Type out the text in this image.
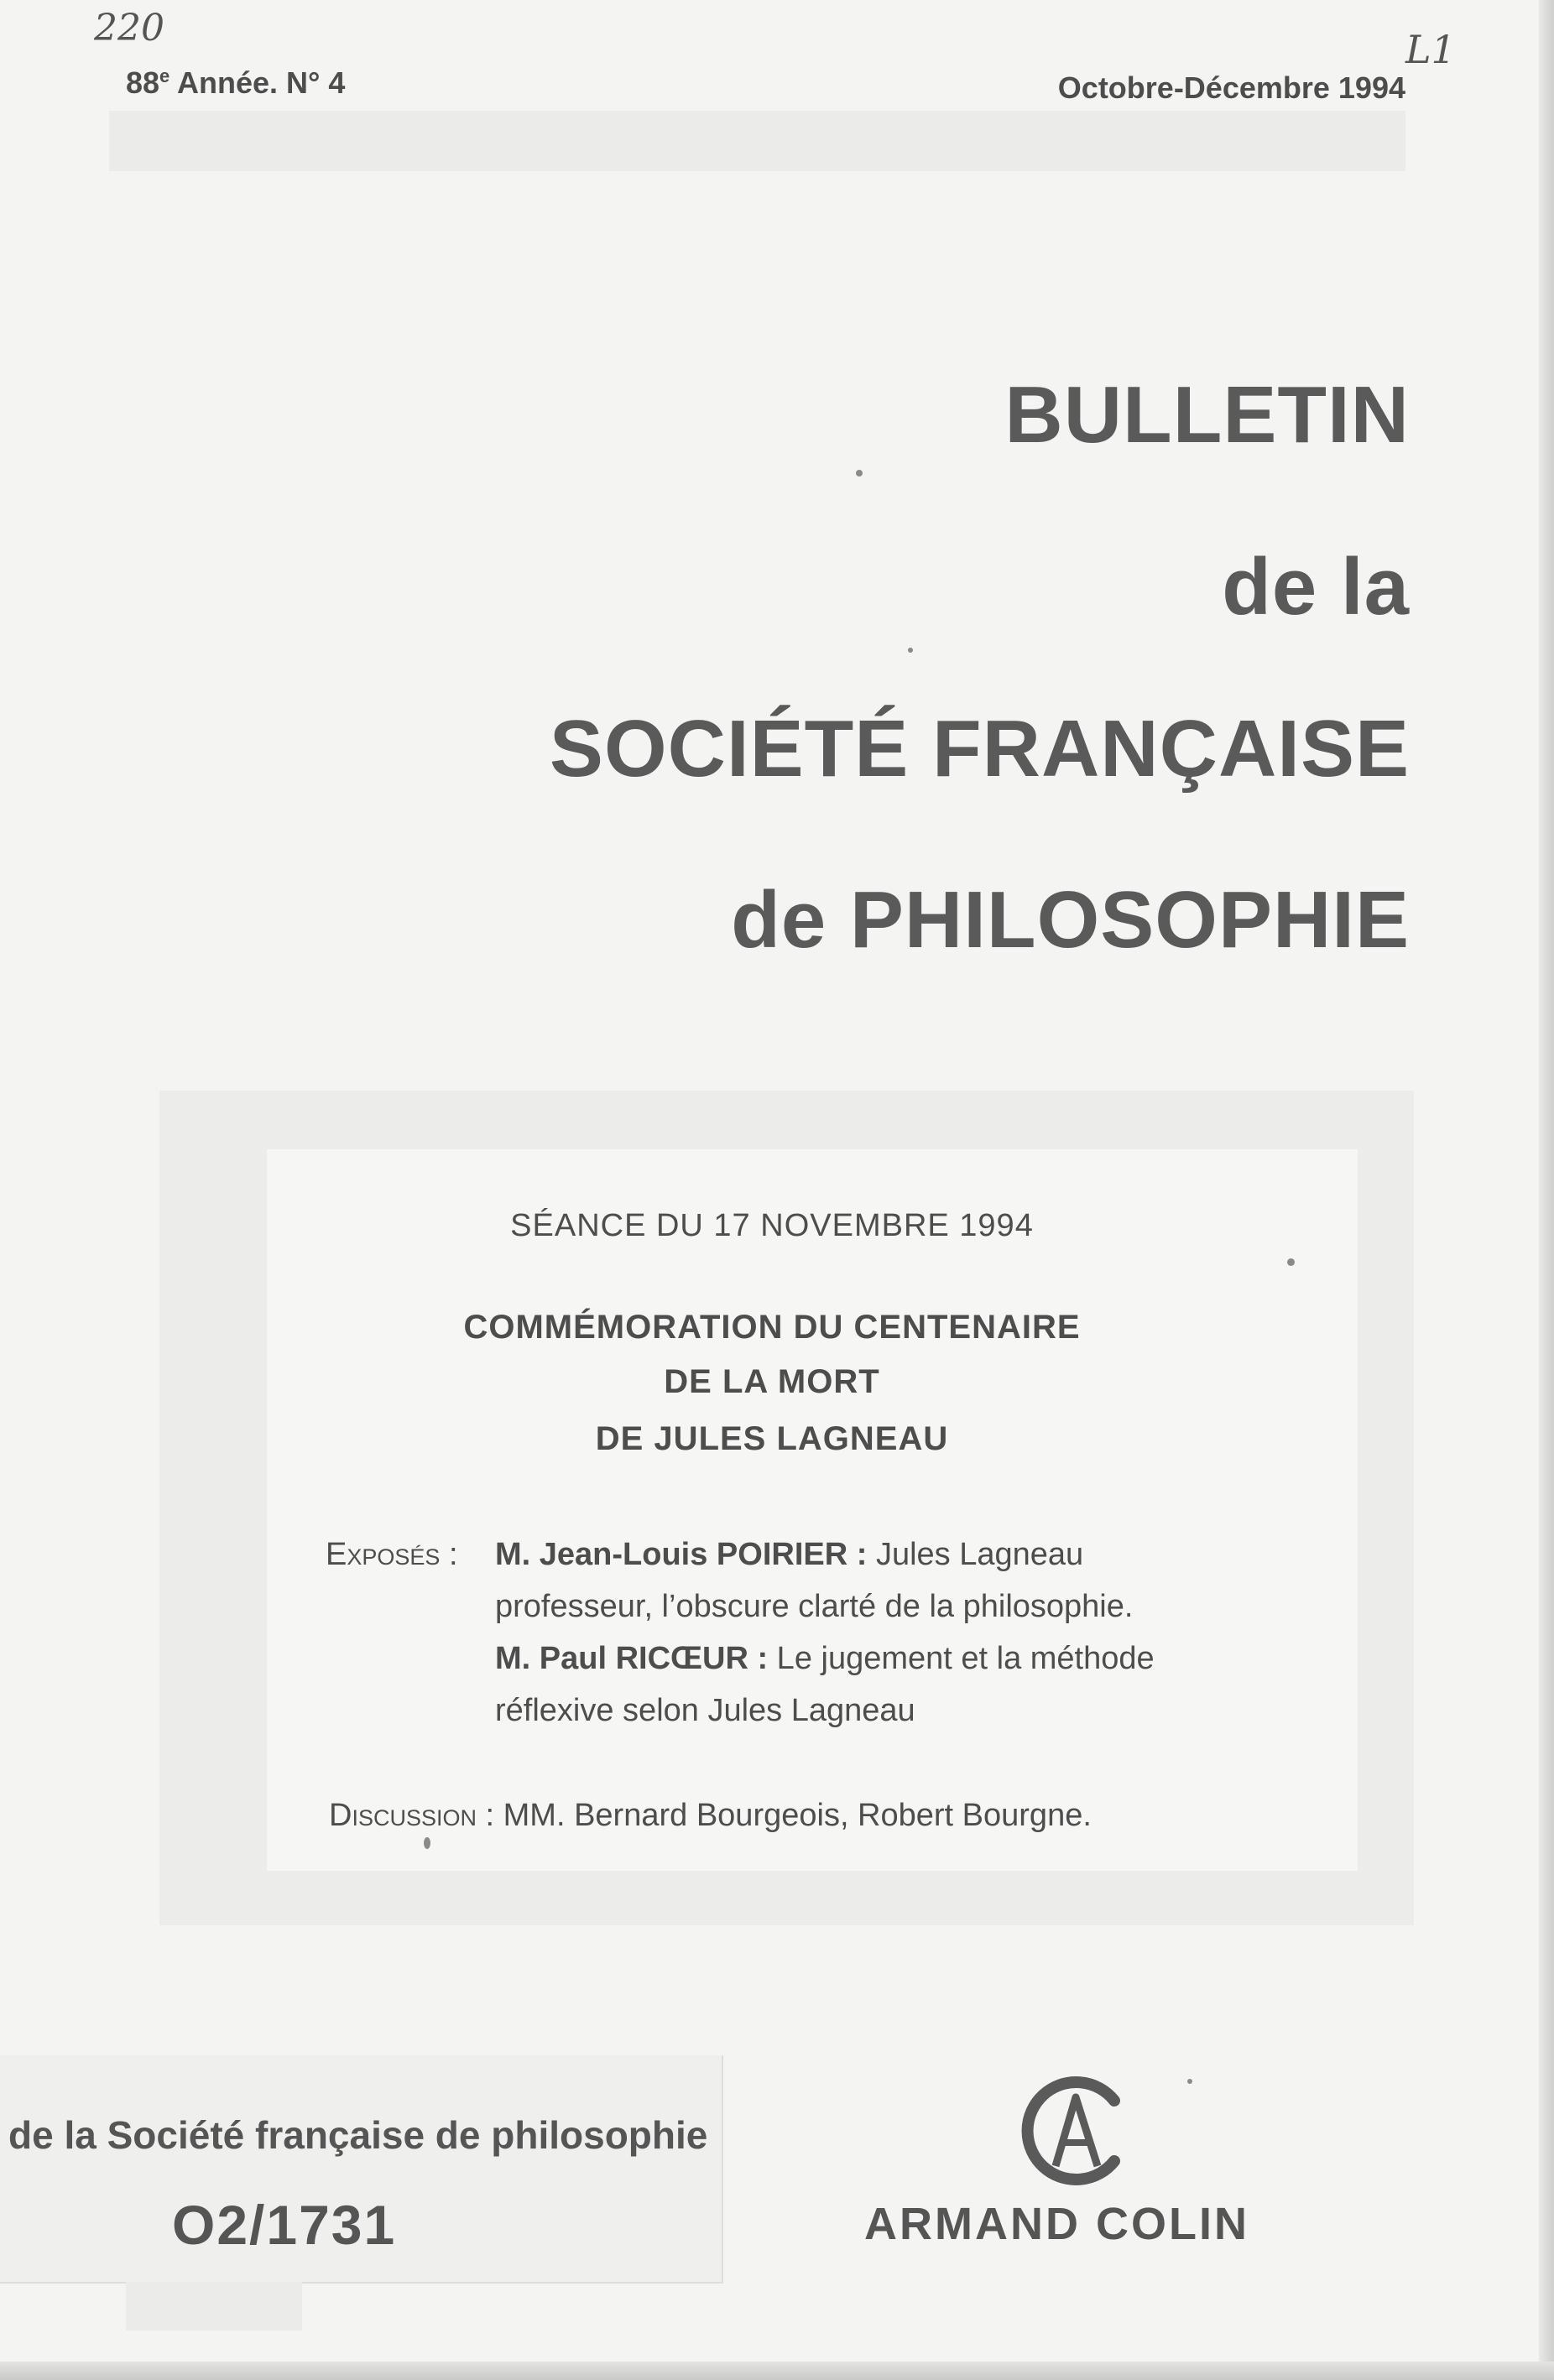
220	L1
88e Année. N° 4	Octobre-Décembre 1994
BULLETIN
de la
SOCIÉTÉ FRANÇAISE
de PHILOSOPHIE
SÉANCE DU 17 NOVEMBRE 1994
COMMÉMORATION DU CENTENAIRE
DE LA MORT
DE JULES LAGNEAU
Exposés : M. Jean-Louis POIRIER : Jules Lagneau
professeur, l’obscure clarté de la philosophie.
M. Paul RICŒUR : Le jugement et la méthode
réflexive selon Jules Lagneau
Discussion : MM. Bernard Bourgeois, Robert Bourgne.
de la Société française de philosophie
O2/1731	ARMAND COLIN
